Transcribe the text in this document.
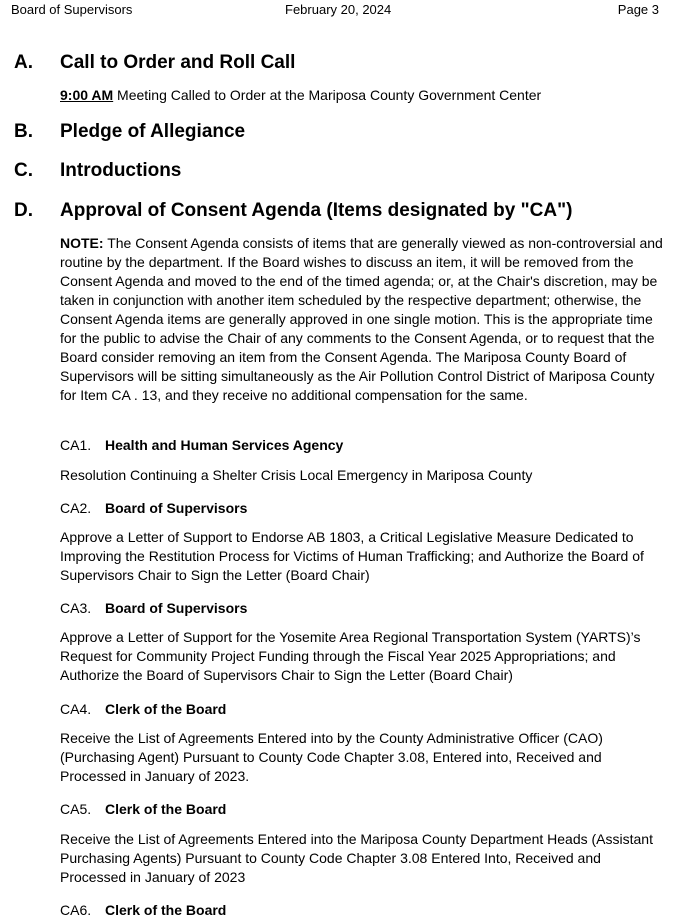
Board of Supervisors	February 20, 2024	Page 3
A.	Call to Order and Roll Call
9:00 AM Meeting Called to Order at the Mariposa County Government Center
B.	Pledge of Allegiance
C.	Introductions
D.	Approval of Consent Agenda (Items designated by "CA")
NOTE: The Consent Agenda consists of items that are generally viewed as non-controversial and routine by the department. If the Board wishes to discuss an item, it will be removed from the Consent Agenda and moved to the end of the timed agenda; or, at the Chair's discretion, may be taken in conjunction with another item scheduled by the respective department; otherwise, the Consent Agenda items are generally approved in one single motion. This is the appropriate time for the public to advise the Chair of any comments to the Consent Agenda, or to request that the Board consider removing an item from the Consent Agenda. The Mariposa County Board of Supervisors will be sitting simultaneously as the Air Pollution Control District of Mariposa County for Item CA . 13, and they receive no additional compensation for the same.
CA1. Health and Human Services Agency
Resolution Continuing a Shelter Crisis Local Emergency in Mariposa County
CA2. Board of Supervisors
Approve a Letter of Support to Endorse AB 1803, a Critical Legislative Measure Dedicated to Improving the Restitution Process for Victims of Human Trafficking; and Authorize the Board of Supervisors Chair to Sign the Letter (Board Chair)
CA3. Board of Supervisors
Approve a Letter of Support for the Yosemite Area Regional Transportation System (YARTS)’s Request for Community Project Funding through the Fiscal Year 2025 Appropriations; and Authorize the Board of Supervisors Chair to Sign the Letter (Board Chair)
CA4. Clerk of the Board
Receive the List of Agreements Entered into by the County Administrative Officer (CAO) (Purchasing Agent) Pursuant to County Code Chapter 3.08, Entered into, Received and Processed in January of 2023.
CA5. Clerk of the Board
Receive the List of Agreements Entered into the Mariposa County Department Heads (Assistant Purchasing Agents) Pursuant to County Code Chapter 3.08 Entered Into, Received and Processed in January of 2023
CA6. Clerk of the Board
